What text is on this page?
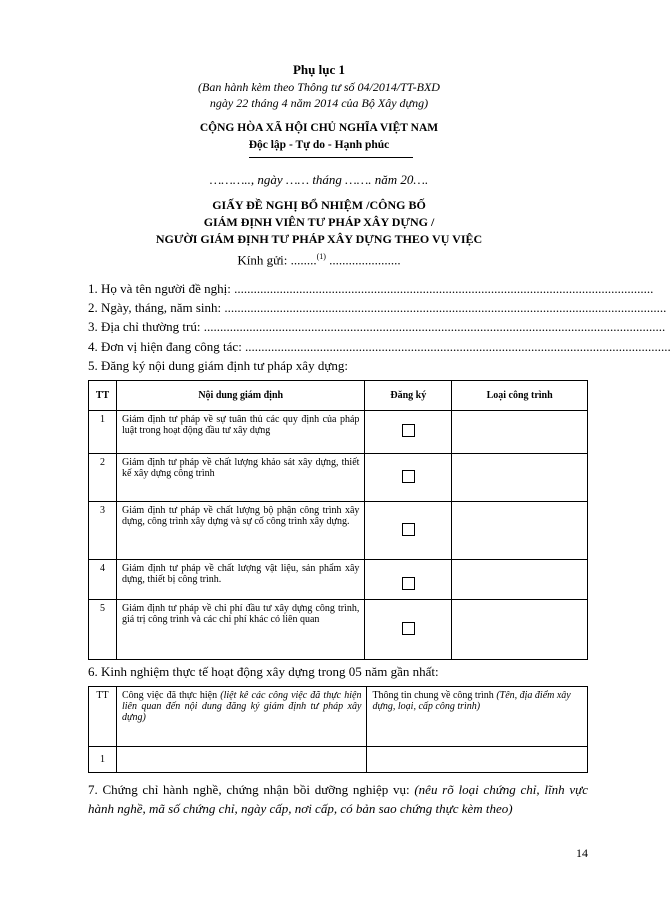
Phụ lục 1
(Ban hành kèm theo Thông tư số 04/2014/TT-BXD
ngày 22 tháng 4 năm 2014 của Bộ Xây dựng)
CỘNG HÒA XÃ HỘI CHỦ NGHĨA VIỆT NAM
Độc lập - Tự do - Hạnh phúc
……….., ngày …… tháng ……. năm 20….
GIẤY ĐỀ NGHỊ BỔ NHIỆM /CÔNG BỐ
GIÁM ĐỊNH VIÊN TƯ PHÁP XÂY DỰNG /
NGƯỜI GIÁM ĐỊNH TƯ PHÁP XÂY DỰNG THEO VỤ VIỆC
Kính gửi: ........$^{(1)}$ ......................
1. Họ và tên người đề nghị: .................................................................................................................................
2. Ngày, tháng, năm sinh: ........................................................................................................................................
3. Địa chỉ thường trú: ..............................................................................................................................................
4. Đơn vị hiện đang công tác: ...................................................................................................................................
5. Đăng ký nội dung giám định tư pháp xây dựng:
TT	Nội dung giám định	Đăng ký	Loại công trình
1	Giám định tư pháp về sự tuân thủ các quy định của pháp luật trong hoạt động đầu tư xây dựng		
2	Giám định tư pháp về chất lượng khảo sát xây dựng, thiết kế xây dựng công trình		
3	Giám định tư pháp về chất lượng bộ phận công trình xây dựng, công trình xây dựng và sự cố công trình xây dựng.		
4	Giám định tư pháp về chất lượng vật liệu, sản phẩm xây dựng, thiết bị công trình.		
5	Giám định tư pháp về chi phí đầu tư xây dựng công trình, giá trị công trình và các chi phí khác có liên quan		
6. Kinh nghiệm thực tế hoạt động xây dựng trong 05 năm gần nhất:
TT	Công việc đã thực hiện (liệt kê các công việc đã thực hiện liên quan đến nội dung đăng ký giám định tư pháp xây dựng)	Thông tin chung về công trình (Tên, địa điểm xây dựng, loại, cấp công trình)
1		
7. Chứng chỉ hành nghề, chứng nhận bồi dưỡng nghiệp vụ: (nêu rõ loại chứng chỉ, lĩnh vực hành nghề, mã số chứng chỉ, ngày cấp, nơi cấp, có bản sao chứng thực kèm theo)
14
